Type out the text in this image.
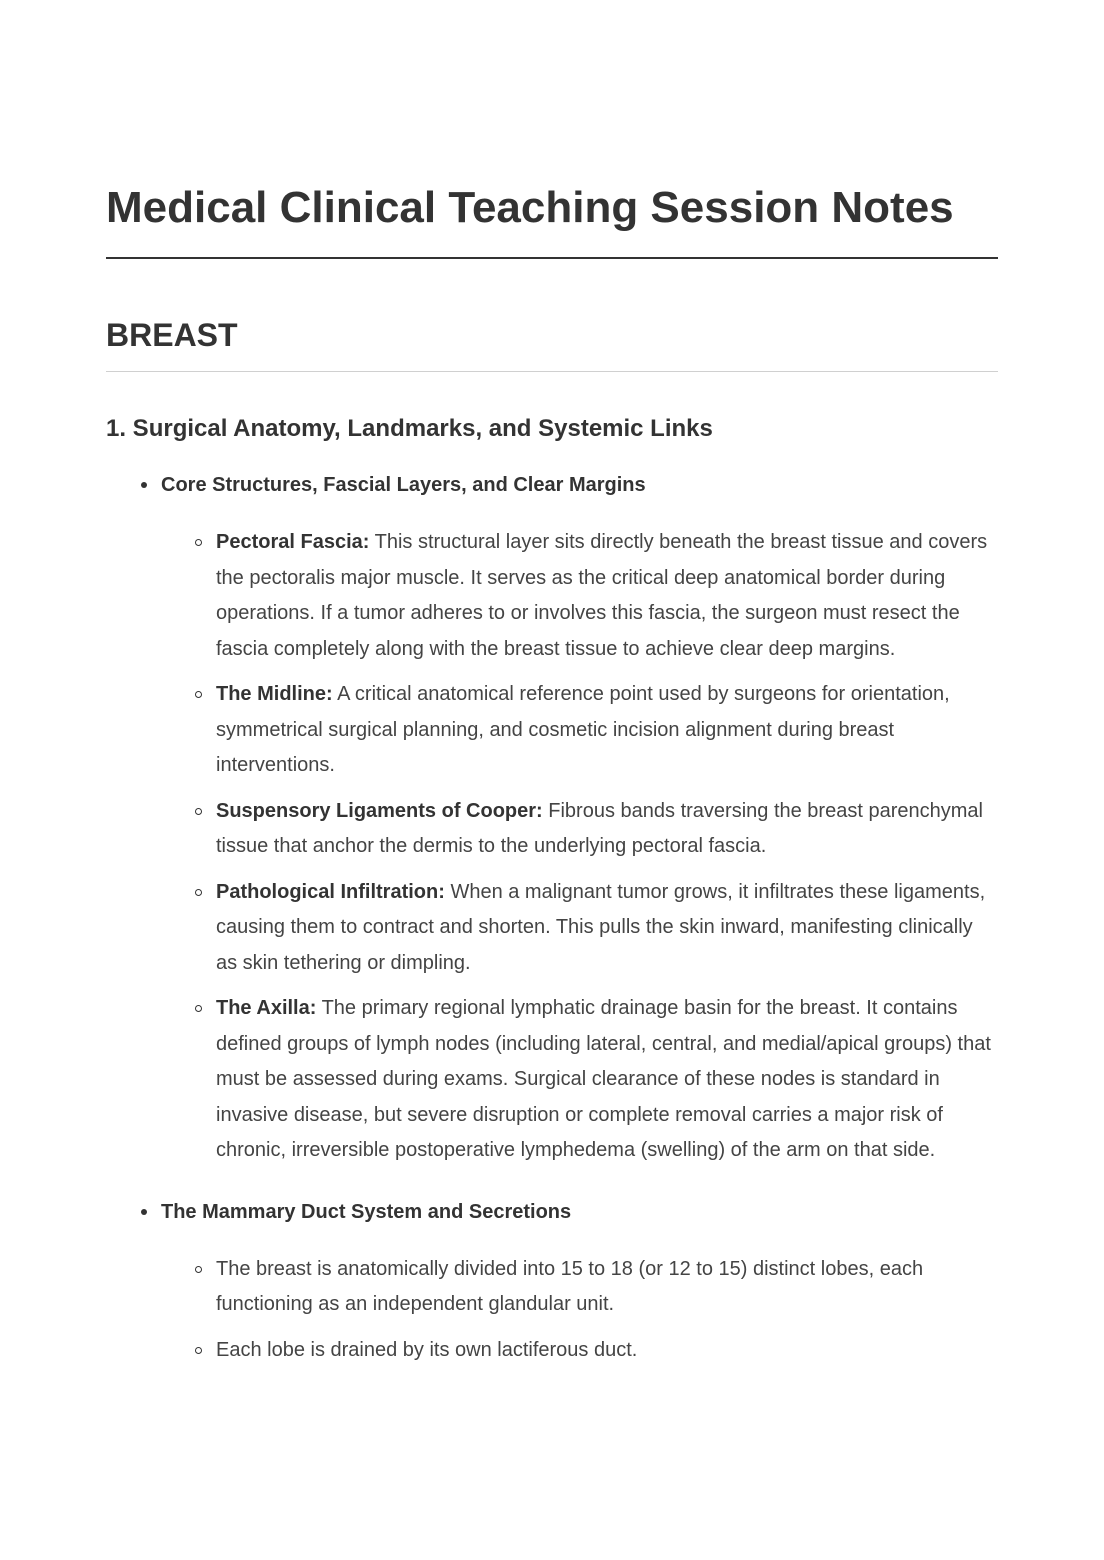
Medical Clinical Teaching Session Notes
BREAST
1. Surgical Anatomy, Landmarks, and Systemic Links
Core Structures, Fascial Layers, and Clear Margins
Pectoral Fascia: This structural layer sits directly beneath the breast tissue and covers the pectoralis major muscle. It serves as the critical deep anatomical border during operations. If a tumor adheres to or involves this fascia, the surgeon must resect the fascia completely along with the breast tissue to achieve clear deep margins.
The Midline: A critical anatomical reference point used by surgeons for orientation, symmetrical surgical planning, and cosmetic incision alignment during breast interventions.
Suspensory Ligaments of Cooper: Fibrous bands traversing the breast parenchymal tissue that anchor the dermis to the underlying pectoral fascia.
Pathological Infiltration: When a malignant tumor grows, it infiltrates these ligaments, causing them to contract and shorten. This pulls the skin inward, manifesting clinically as skin tethering or dimpling.
The Axilla: The primary regional lymphatic drainage basin for the breast. It contains defined groups of lymph nodes (including lateral, central, and medial/apical groups) that must be assessed during exams. Surgical clearance of these nodes is standard in invasive disease, but severe disruption or complete removal carries a major risk of chronic, irreversible postoperative lymphedema (swelling) of the arm on that side.
The Mammary Duct System and Secretions
The breast is anatomically divided into 15 to 18 (or 12 to 15) distinct lobes, each functioning as an independent glandular unit.
Each lobe is drained by its own lactiferous duct.
